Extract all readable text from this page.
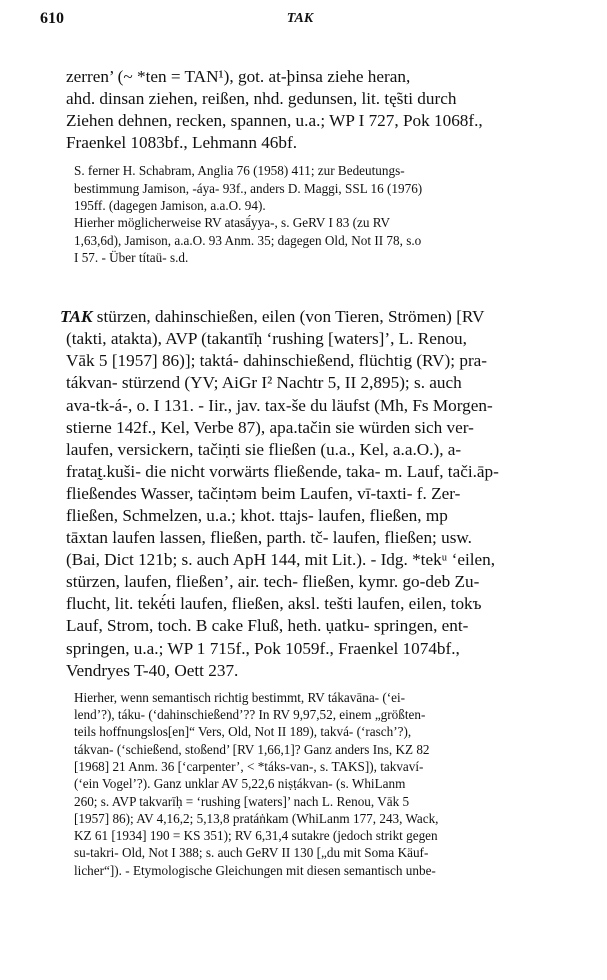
610	TAK
zerren’ (~ *ten = TAN¹), got. at-þinsa ziehe heran,
ahd. dinsan ziehen, reißen, nhd. gedunsen, lit. tę̃sti durch
Ziehen dehnen, recken, spannen, u.a.; WP I 727, Pok 1068f.,
Fraenkel 1083bf., Lehmann 46bf.
S. ferner H. Schabram, Anglia 76 (1958) 411; zur Bedeutungs-
bestimmung Jamison, -áya- 93f., anders D. Maggi, SSL 16 (1976)
195ff. (dagegen Jamison, a.a.O. 94).
Hierher möglicherweise RV atasā́yya-, s. GeRV I 83 (zu RV
1,63,6d), Jamison, a.a.O. 93 Anm. 35; dagegen Old, Not II 78, s.o
I 57. - Über títaü- s.d.
TAK stürzen, dahinschießen, eilen (von Tieren, Strömen) [RV
(takti, atakta), AVP (takantīḥ ‘rushing [waters]’, L. Renou,
Vāk 5 [1957] 86)]; taktá- dahinschießend, flüchtig (RV); pra-
tákvan- stürzend (YV; AiGr I² Nachtr 5, II 2,895); s. auch
ava-tk-á-, o. I 131. - Iir., jav. tax-še du läufst (Mh, Fs Morgen-
stierne 142f., Kel, Verbe 87), apa.tačin sie würden sich ver-
laufen, versickern, tačiṇti sie fließen (u.a., Kel, a.a.O.), a-
fratat̰.kuši- die nicht vorwärts fließende, taka- m. Lauf, tači.āp-
fließendes Wasser, tačiṇtəm beim Laufen, vī-taxti- f. Zer-
fließen, Schmelzen, u.a.; khot. ttajs- laufen, fließen, mp
tāxtan laufen lassen, fließen, parth. tč- laufen, fließen; usw.
(Bai, Dict 121b; s. auch ApH 144, mit Lit.). - Idg. *tekᵘ ‘eilen,
stürzen, laufen, fließen’, air. tech- fließen, kymr. go-deb Zu-
flucht, lit. tekė́ti laufen, fließen, aksl. tešti laufen, eilen, tokъ
Lauf, Strom, toch. B cake Fluß, heth. ụatku- springen, ent-
springen, u.a.; WP 1 715f., Pok 1059f., Fraenkel 1074bf.,
Vendryes T-40, Oett 237.
Hierher, wenn semantisch richtig bestimmt, RV tákavāna- (‘ei-
lend’?), táku- (‘dahinschießend’?? In RV 9,97,52, einem „größten-
teils hoffnungslos[en]“ Vers, Old, Not II 189), takvá- (‘rasch’?),
tákvan- (‘schießend, stoßend’ [RV 1,66,1]? Ganz anders Ins, KZ 82
[1968] 21 Anm. 36 [‘carpenter’, < *táks-van-, s. TAKS]), takvaví-
(‘ein Vogel’?). Ganz unklar AV 5,22,6 niṣṭákvan- (s. WhiLanm
260; s. AVP takvarīḥ = ‘rushing [waters]’ nach L. Renou, Vāk 5
[1957] 86); AV 4,16,2; 5,13,8 pratáṅkam (WhiLanm 177, 243, Wack,
KZ 61 [1934] 190 = KS 351); RV 6,31,4 sutakre (jedoch strikt gegen
su-takri- Old, Not I 388; s. auch GeRV II 130 [„du mit Soma Käuf-
licher“]). - Etymologische Gleichungen mit diesen semantisch unbe-
